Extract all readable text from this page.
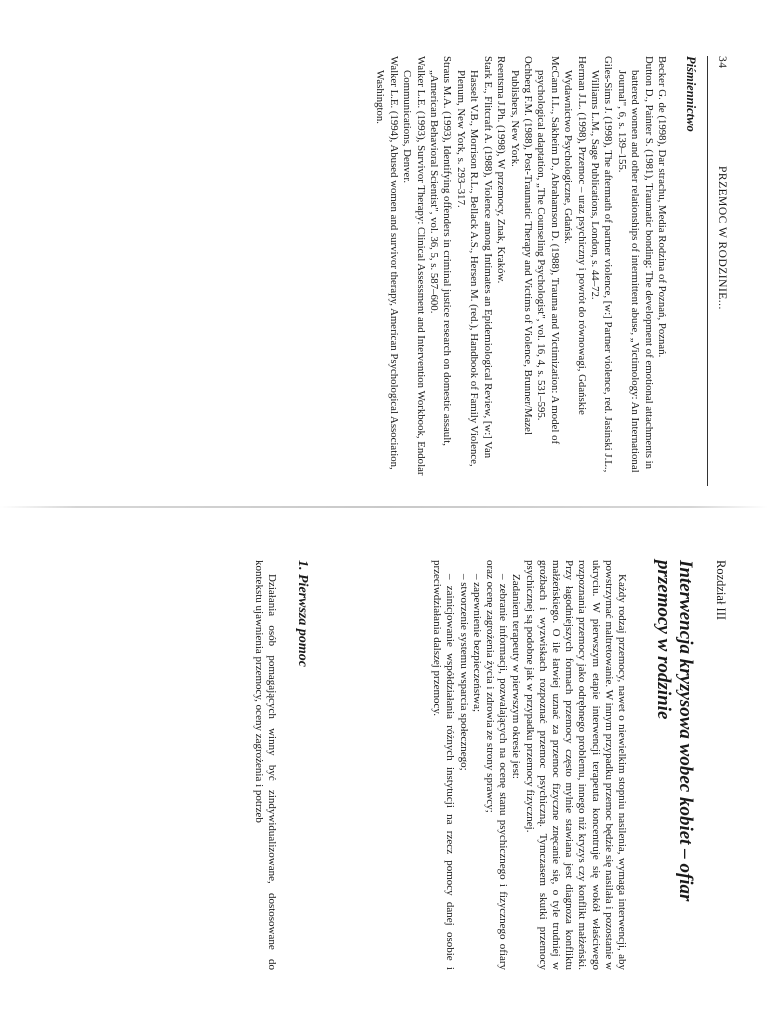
34
PRZEMOC W RODZINIE...
Piśmiennictwo

Becker G. de (1998), Dar strachu, Media Rodzina of Poznań, Poznań.

Dutton D., Painter S. (1981), Traumatic bonding: The development of emotional attachments in battered women and other relationships of intermittent abuse, „Victimology: An International Journal", 6, s. 139–155.

Giles-Sims J. (1998), The aftermath of partner violence, [w:] Partner violence, red. Jasinski J.L., Williams L.M., Sage Publications, London, s. 44–72.

Herman J.L. (1998), Przemoc – uraz psychiczny i powrót do równowagi, Gdańskie Wydawnictwo Psychologiczne, Gdańsk.

McCann I.L., Sakheim D., Abrahamson D. (1988), Trauma and Victimization: A model of psychological adaptation, „The Counseling Psychologist", vol. 16, 4, s. 531–595.

Ochberg F.M. (1988), Post-Traumatic Therapy and Victims of Violence, Brunner/Mazel Publishers, New York.

Reentsma J.Ph. (1998), W przemocy, Znak, Kraków.

Stark E., Flitcraft A. (1988), Violence among Intimates an Epidemiological Review, [w:] Van Hasselt V.B., Morrison R.L., Bellack A.S., Hersen M. (red.), Handbook of Family Violence, Plenum, New York, s. 293–317.

Straus M.A. (1993), Identifying offenders in criminal justice research on domestic assault, „American Behavioral Scientist", vol. 36, 5, s. 587–600.

Walker L.E. (1993), Survivor Therapy: Clinical Assessment and Intervention Workbook, Endolar Communications, Denver.

Walker L.E. (1994), Abused women and survivor therapy, American Psychological Association, Washington.

Rozdział III
Interwencja kryzysowa wobec kobiet – ofiar przemocy w rodzinie

Każdy rodzaj przemocy, nawet o niewielkim stopniu nasilenia, wymaga interwencji, aby powstrzymać maltretowanie. W innym przypadku przemoc będzie się nasilała i pozostanie w ukryciu. W pierwszym etapie interwencji terapeuta koncentruje się wokół właściwego rozpoznania przemocy jako odrębnego problemu, innego niż kryzys czy konflikt małżeński. Przy łagodniejszych formach przemocy często mylnie stawiana jest diagnoza konfliktu małżeńskiego. O ile łatwiej uznać za przemoc fizyczne znęcanie się, o tyle trudniej w groźbach i wyzwiskach rozpoznać przemoc psychiczną. Tymczasem skutki przemocy psychicznej są podobne jak w przypadku przemocy fizycznej.

Zadaniem terapeuty w pierwszym okresie jest:

– zebranie informacji, pozwalających na ocenę stanu psychicznego i fizycznego ofiary oraz ocenę zagrożenia życia i zdrowia ze strony sprawcy;

– zapewnienie bezpieczeństwa;

– stworzenie systemu wsparcia społecznego;

– zainicjowanie współdziałania różnych instytucji na rzecz pomocy danej osobie i przeciwdziałania dalszej przemocy.

1. Pierwsza pomoc

Działania osób pomagających winny być zindywidualizowane, dostosowane do kontekstu ujawnienia przemocy, oceny zagrożenia i potrzeb
